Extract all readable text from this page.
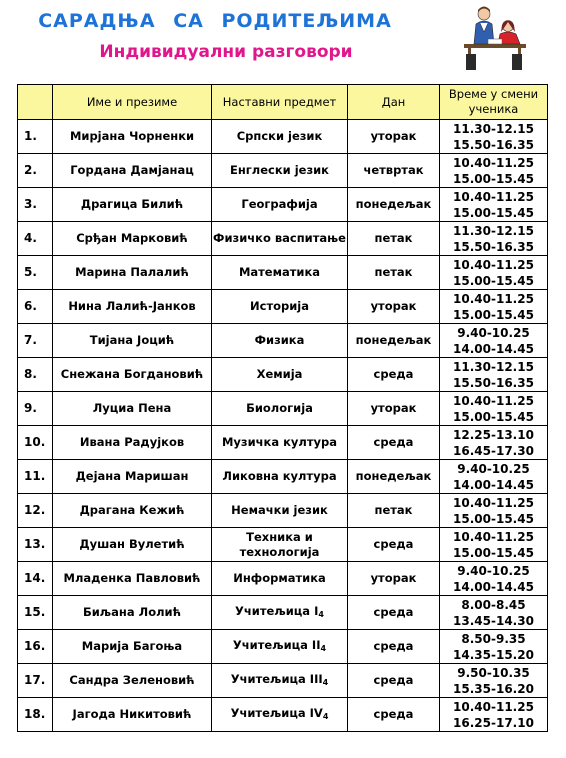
САРАДЊА СА РОДИТЕЉИМА
Индивидуални разговори
	Име и презиме	Наставни предмет	Дан	Време у смени ученика
1.	Мирјана Чорненки	Српски језик	уторак	11.30-12.15
15.50-16.35

2.	Гордана Дамјанац	Енглески језик	четвртак	10.40-11.25
15.00-15.45

3.	Драгица Билић	Географија	понедељак	10.40-11.25
15.00-15.45

4.	Срђан Марковић	Физичко васпитање	петак	11.30-12.15
15.50-16.35

5.	Марина Палалић	Математика	петак	10.40-11.25
15.00-15.45

6.	Нина Лалић-Јанков	Историја	уторак	10.40-11.25
15.00-15.45

7.	Тијана Јоцић	Физика	понедељак	9.40-10.25
14.00-14.45

8.	Снежана Богдановић	Хемија	среда	11.30-12.15
15.50-16.35

9.	Луциа Пена	Биологија	уторак	10.40-11.25
15.00-15.45

10.	Ивана Радујков	Музичка култура	среда	12.25-13.10
16.45-17.30

11.	Дејана Маришан	Ликовна култура	понедељак	9.40-10.25
14.00-14.45

12.	Драгана Кежић	Немачки језик	петак	10.40-11.25
15.00-15.45

13.	Душан Вулетић	Техника и технологија	среда	10.40-11.25
15.00-15.45

14.	Младенка Павловић	Информатика	уторак	9.40-10.25
14.00-14.45

15.	Биљана Лолић	Учитељица $I_4$	среда	8.00-8.45
13.45-14.30

16.	Марија Багоња	Учитељица $II_4$	среда	8.50-9.35
14.35-15.20

17.	Сандра Зеленовић	Учитељица $III_4$	среда	9.50-10.35
15.35-16.20

18.	Јагода Никитовић	Учитељица $IV_4$	среда	10.40-11.25
16.25-17.10
